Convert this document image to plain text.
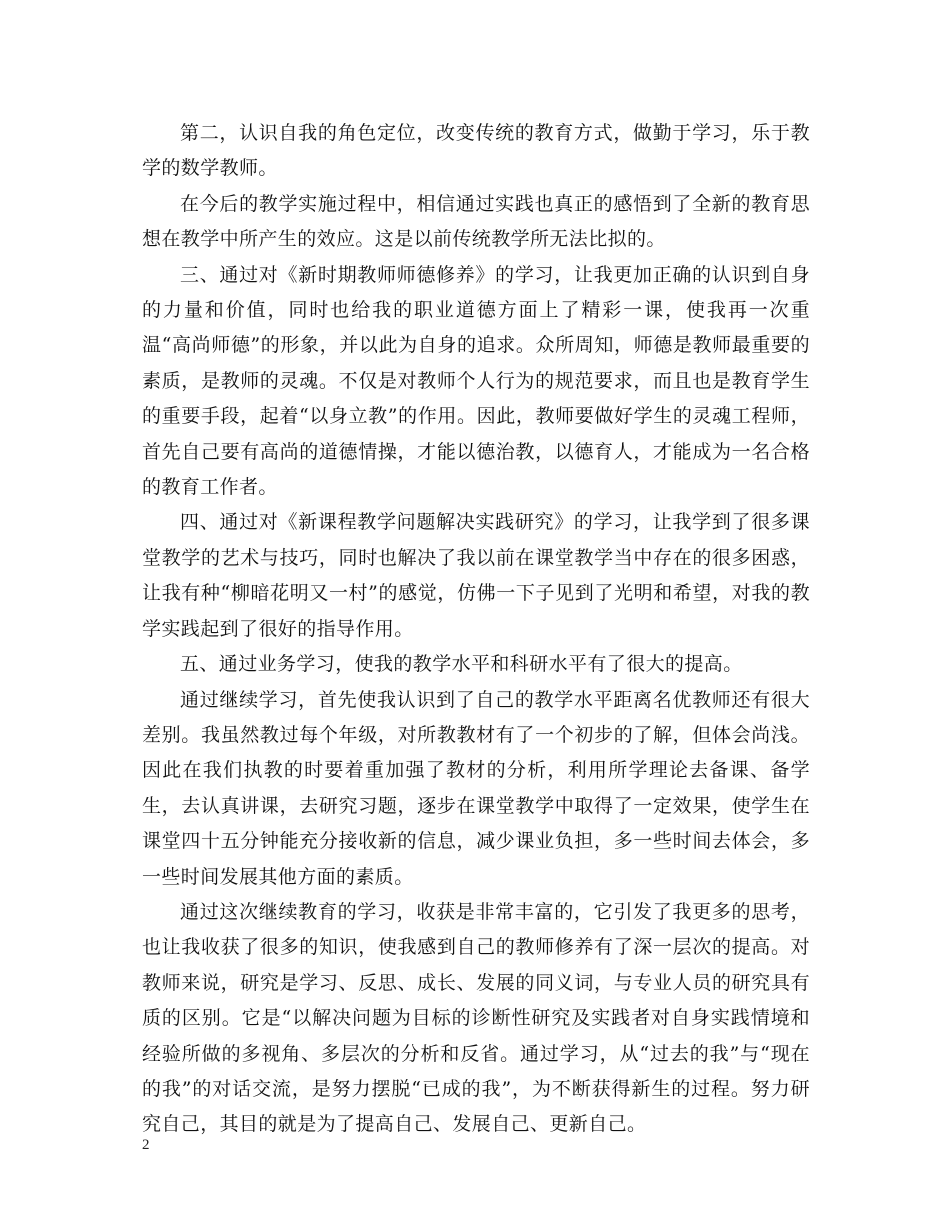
第二，认识自我的角色定位，改变传统的教育方式，做勤于学习，乐于教学的数学教师。

在今后的教学实施过程中，相信通过实践也真正的感悟到了全新的教育思想在教学中所产生的效应。这是以前传统教学所无法比拟的。

三、通过对《新时期教师师德修养》的学习，让我更加正确的认识到自身的力量和价值，同时也给我的职业道德方面上了精彩一课，使我再一次重温“高尚师德”的形象，并以此为自身的追求。众所周知，师德是教师最重要的素质，是教师的灵魂。不仅是对教师个人行为的规范要求，而且也是教育学生的重要手段，起着“以身立教”的作用。因此，教师要做好学生的灵魂工程师，首先自己要有高尚的道德情操，才能以德治教，以德育人，才能成为一名合格的教育工作者。

四、通过对《新课程教学问题解决实践研究》的学习，让我学到了很多课堂教学的艺术与技巧，同时也解决了我以前在课堂教学当中存在的很多困惑，让我有种“柳暗花明又一村”的感觉，仿佛一下子见到了光明和希望，对我的教学实践起到了很好的指导作用。

五、通过业务学习，使我的教学水平和科研水平有了很大的提高。

通过继续学习，首先使我认识到了自己的教学水平距离名优教师还有很大差别。我虽然教过每个年级，对所教教材有了一个初步的了解，但体会尚浅。因此在我们执教的时要着重加强了教材的分析，利用所学理论去备课、备学生，去认真讲课，去研究习题，逐步在课堂教学中取得了一定效果，使学生在课堂四十五分钟能充分接收新的信息，减少课业负担，多一些时间去体会，多一些时间发展其他方面的素质。

通过这次继续教育的学习，收获是非常丰富的，它引发了我更多的思考，也让我收获了很多的知识，使我感到自己的教师修养有了深一层次的提高。对教师来说，研究是学习、反思、成长、发展的同义词，与专业人员的研究具有质的区别。它是“以解决问题为目标的诊断性研究及实践者对自身实践情境和经验所做的多视角、多层次的分析和反省。通过学习，从“过去的我”与“现在的我”的对话交流，是努力摆脱“已成的我”，为不断获得新生的过程。努力研究自己，其目的就是为了提高自己、发展自己、更新自己。

2
